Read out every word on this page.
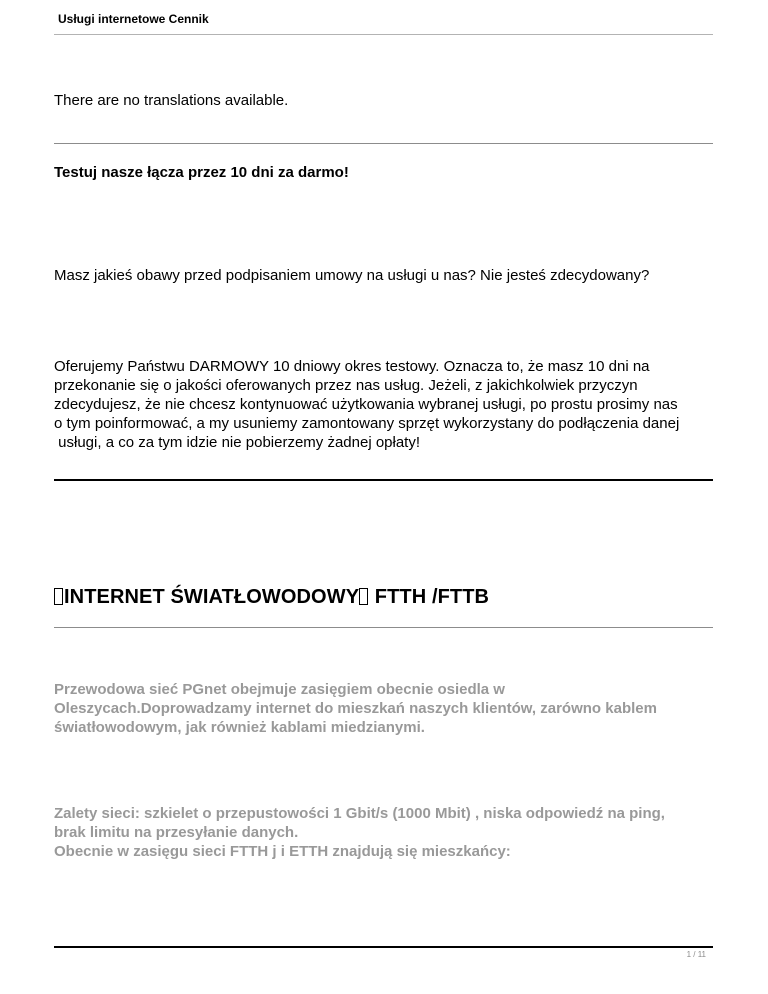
Usługi internetowe Cennik
There are no translations available.
Testuj nasze łącza przez 10 dni za darmo!
Masz jakieś obawy przed podpisaniem umowy na usługi u nas? Nie jesteś zdecydowany?
Oferujemy Państwu DARMOWY 10 dniowy okres testowy. Oznacza to, że masz 10 dni na
przekonanie się o jakości oferowanych przez nas usług. Jeżeli, z jakichkolwiek przyczyn
zdecydujesz, że nie chcesz kontynuować użytkowania wybranej usługi, po prostu prosimy nas
o tym poinformować, a my usuniemy zamontowany sprzęt wykorzystany do podłączenia danej
usługi, a co za tym idzie nie pobierzemy żadnej opłaty!
INTERNET ŚWIATŁOWODOWY FTTH /FTTB
Przewodowa sieć PGnet obejmuje zasięgiem obecnie osiedla w
Oleszycach.Doprowadzamy internet do mieszkań naszych klientów, zarówno kablem
światłowodowym, jak również kablami miedzianymi.
Zalety sieci: szkielet o przepustowości 1 Gbit/s (1000 Mbit) , niska odpowiedź na ping,
brak limitu na przesyłanie danych.
Obecnie w zasięgu sieci FTTH j i ETTH znajdują się mieszkańcy:
1 / 11
